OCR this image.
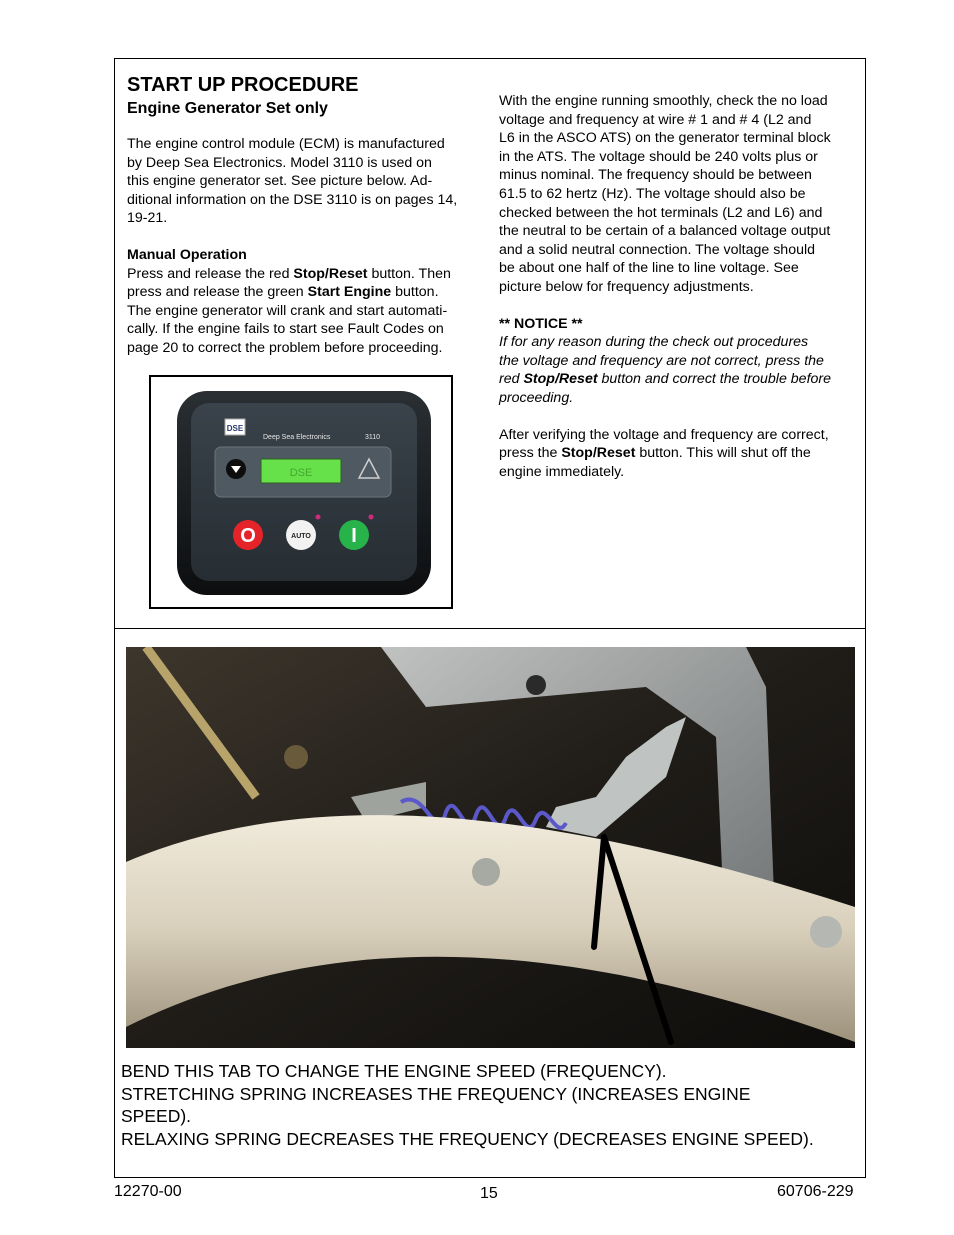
START UP PROCEDURE
Engine Generator Set only

The engine control module (ECM) is manufactured

by Deep Sea Electronics. Model 3110 is used on

this engine generator set. See picture below. Ad-

ditional information on the DSE 3110 is on pages 14,

19-21.

Manual Operation

Press and release the red Stop/Reset button. Then

press and release the green Start Engine button.

The engine generator will crank and start automati-

cally. If the engine fails to start see Fault Codes on

page 20 to correct the problem before proceeding.

DSE
Deep Sea Electronics	3110
DSE
O	AUTO I

With the engine running smoothly, check the no load

voltage and frequency at wire # 1 and # 4 (L2 and

L6 in the ASCO ATS) on the generator terminal block

in the ATS. The voltage should be 240 volts plus or

minus nominal. The frequency should be between

61.5 to 62 hertz (Hz). The voltage should also be

checked between the hot terminals (L2 and L6) and

the neutral to be certain of a balanced voltage output

and a solid neutral connection. The voltage should

be about one half of the line to line voltage. See

picture below for frequency adjustments.

** NOTICE **

If for any reason during the check out procedures

the voltage and frequency are not correct, press the

red Stop/Reset button and correct the trouble before

proceeding.

After verifying the voltage and frequency are correct,

press the Stop/Reset button. This will shut off the

engine immediately.

BEND THIS TAB TO CHANGE THE ENGINE SPEED (FREQUENCY).
STRETCHING SPRING INCREASES THE FREQUENCY (INCREASES ENGINE
SPEED).
RELAXING SPRING DECREASES THE FREQUENCY (DECREASES ENGINE SPEED).
12270-00	15	60706-229
